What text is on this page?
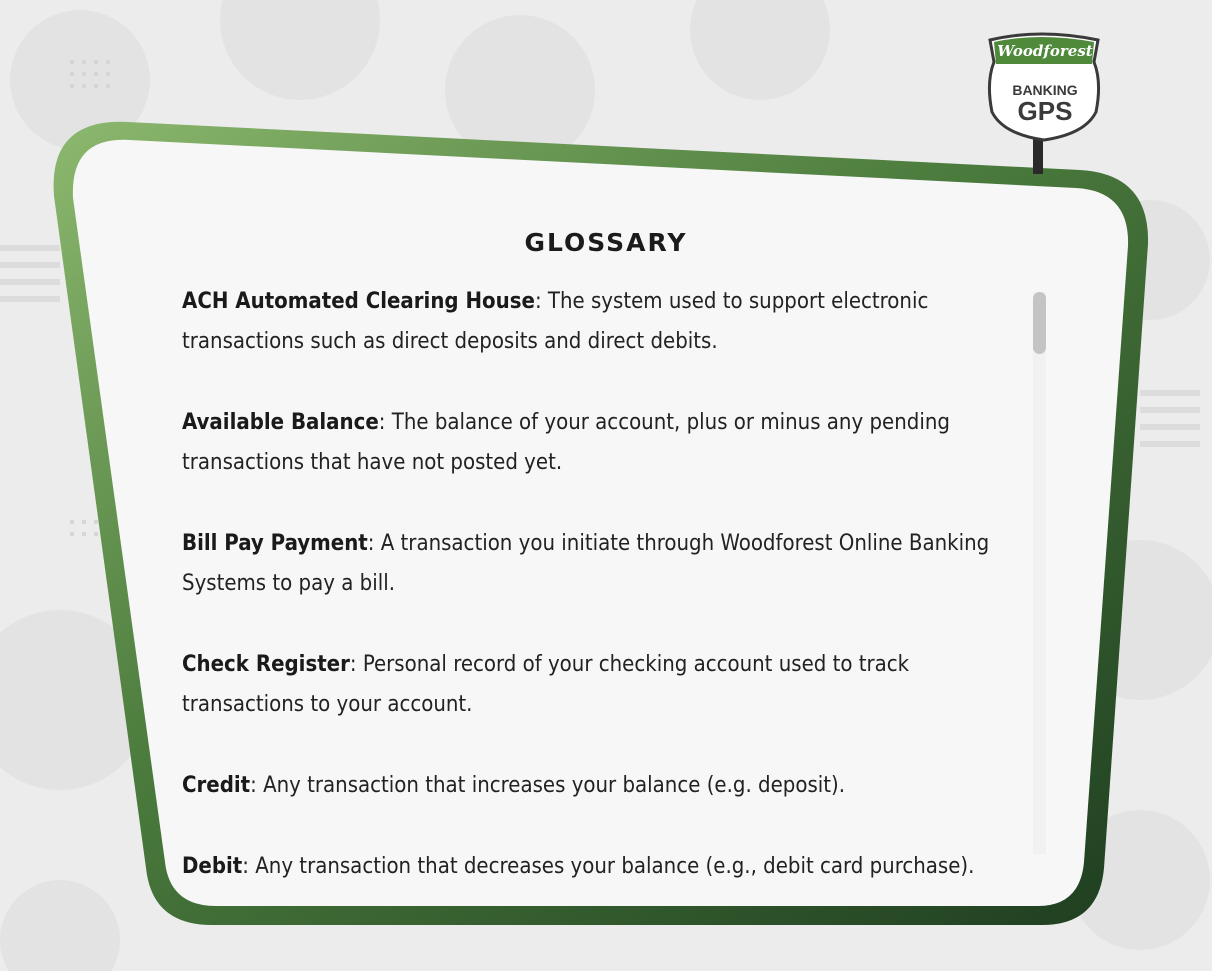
Woodforest
BANKING
GPS
GLOSSARY

ACH Automated Clearing House: The system used to support electronic transactions such as direct deposits and direct debits.

Available Balance: The balance of your account, plus or minus any pending transactions that have not posted yet.

Bill Pay Payment: A transaction you initiate through Woodforest Online Banking Systems to pay a bill.

Check Register: Personal record of your checking account used to track transactions to your account.

Credit: Any transaction that increases your balance (e.g. deposit).

Debit: Any transaction that decreases your balance (e.g., debit card purchase).
